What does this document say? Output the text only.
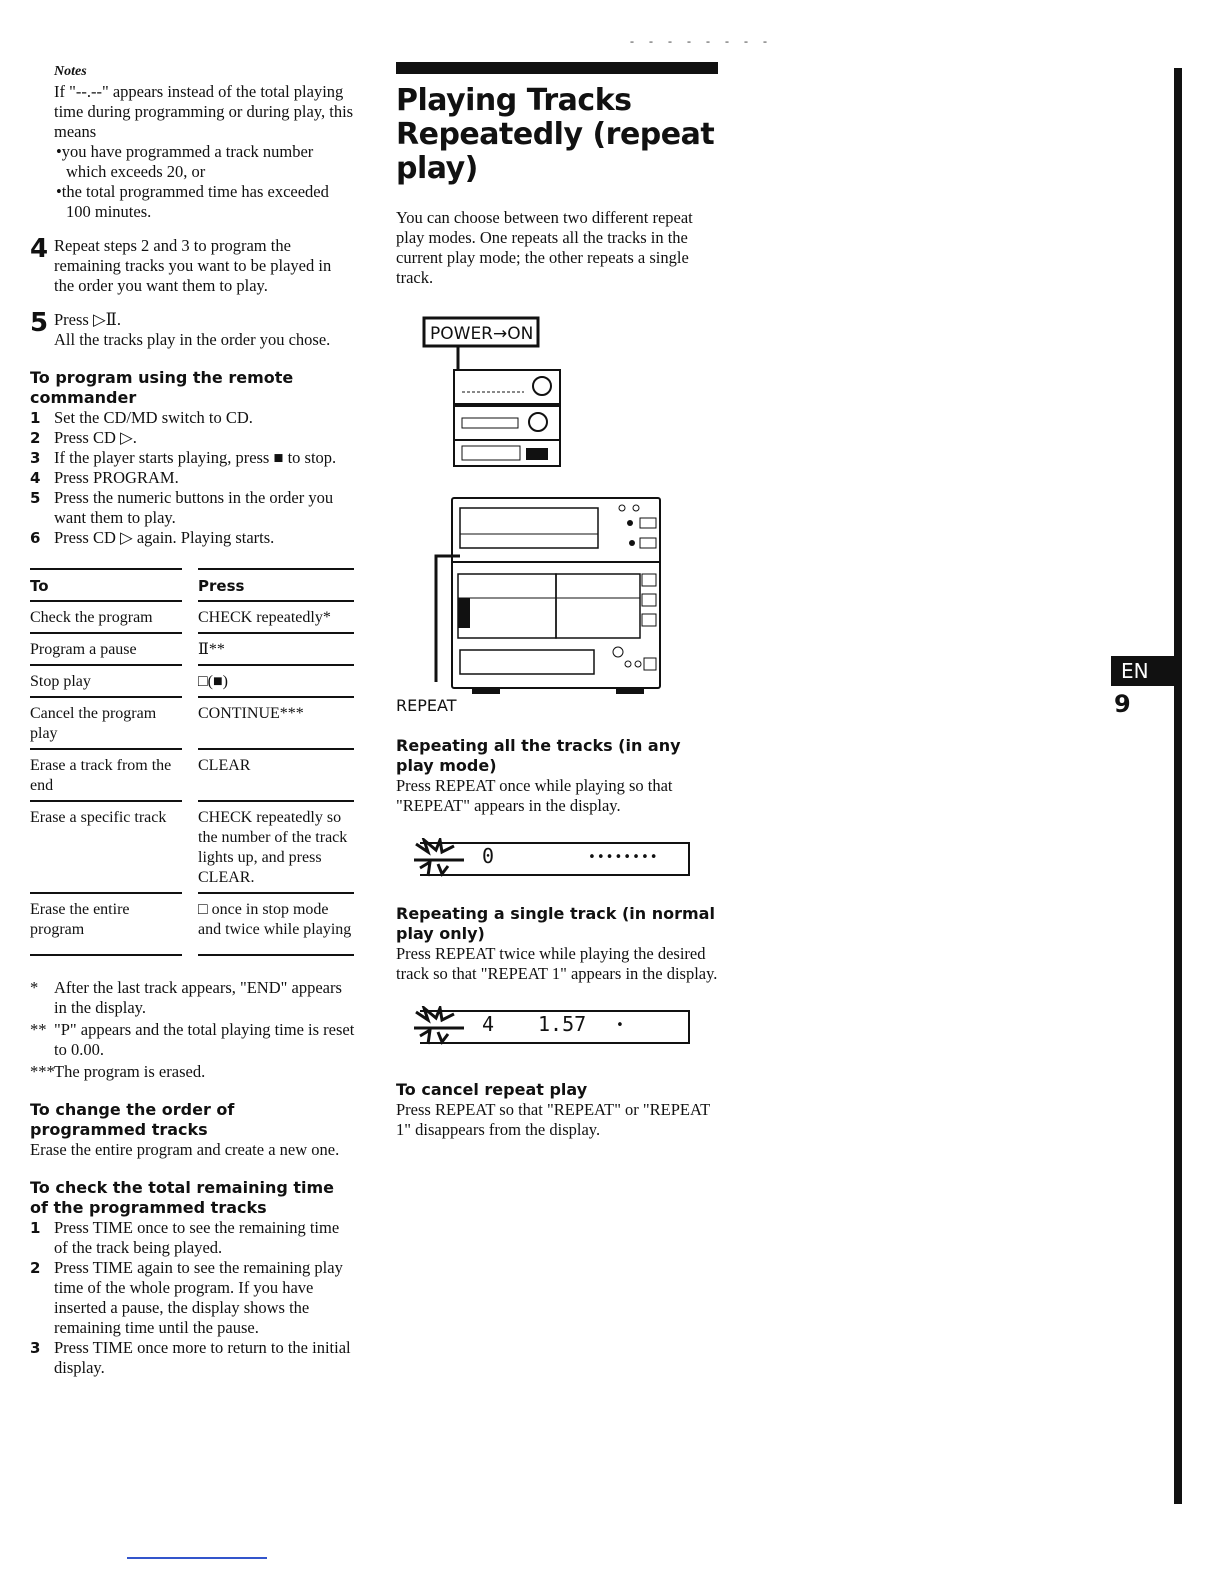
- - - - - - - -
Notes

If "--.--" appears instead of the total playing time during programming or during play, this means

•you have programmed a track number which exceeds 20, or
•the total programmed time has exceeded 100 minutes.
4 Repeat steps 2 and 3 to program the remaining tracks you want to be played in the order you want them to play.
5 Press ▷Ⅱ.
All the tracks play in the order you chose.
To program using the remote commander
1 Set the CD/MD switch to CD.
2 Press CD ▷.
3 If the player starts playing, press ■ to stop.
4 Press PROGRAM.
5 Press the numeric buttons in the order you want them to play.
6 Press CD ▷ again. Playing starts.
To	Press
Check the program	CHECK repeatedly*
Program a pause	Ⅱ**
Stop play	□(■)
Cancel the program play	CONTINUE***
Erase a track from the end	CLEAR
Erase a specific track	CHECK repeatedly so the number of the track lights up, and press CLEAR.
Erase the entire program	□ once in stop mode and twice while playing
* After the last track appears, "END" appears in the display.
** "P" appears and the total playing time is reset to 0.00.
*** The program is erased.
To change the order of programmed tracks
Erase the entire program and create a new one.
To check the total remaining time of the programmed tracks
1 Press TIME once to see the remaining time of the track being played.
2 Press TIME again to see the remaining play time of the whole program. If you have inserted a pause, the display shows the remaining time until the pause.
3 Press TIME once more to return to the initial display.
Playing Tracks Repeatedly (repeat play)
You can choose between two different repeat play modes. One repeats all the tracks in the current play mode; the other repeats a single track.
POWER→ON
REPEAT
Repeating all the tracks (in any play mode)
Press REPEAT once while playing so that "REPEAT" appears in the display.
0	••••••••
Repeating a single track (in normal play only)
Press REPEAT twice while playing the desired track so that "REPEAT 1" appears in the display.
4 1.57 •
To cancel repeat play
Press REPEAT so that "REPEAT" or "REPEAT 1" disappears from the display.
EN
9
